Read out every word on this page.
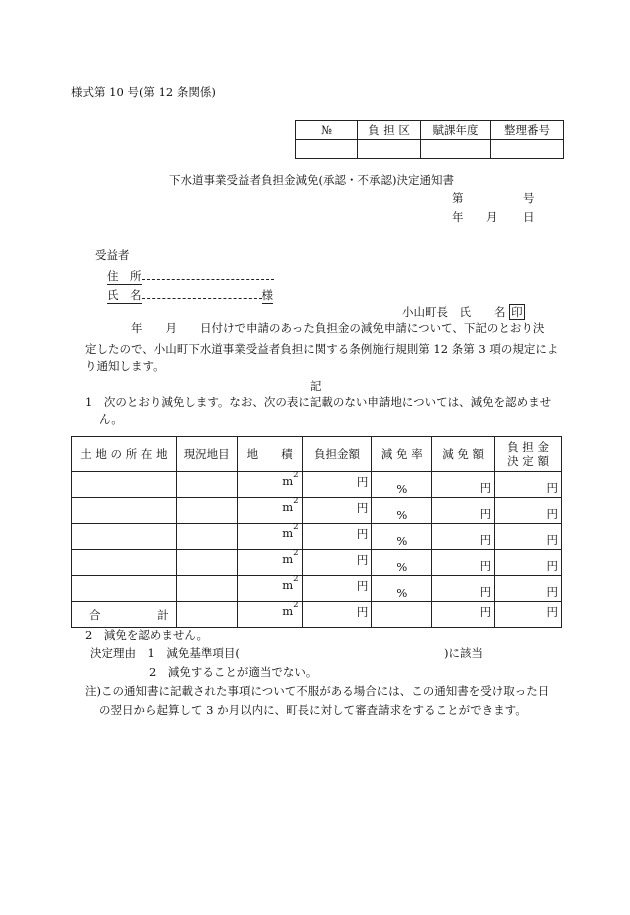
様式第 10 号(第 12 条関係)
№	負 担 区	賦課年度	整理番号

下水道事業受益者負担金減免(承認・不承認)決定通知書
第	号
年 月 日
受益者
住　所
氏　名	様
小山町長　氏　　名 印

年　　月　　日付けで申請のあった負担金の減免申請について、下記のとおり決

定したので、小山町下水道事業受益者負担に関する条例施行規則第 12 条第 3 項の規定によ

り通知します。

記

1　次のとおり減免します。なお、次の表に記載のない申請地については、減免を認めませ

ん。

土 地 の 所 在 地	現況地目	地　　積	負担金額	減 免 率	減 免 額	負 担 金
決 定 額

		$m^2$	円	%	円	円
		$m^2$	円	%	円	円
		$m^2$	円	%	円	円
		$m^2$	円	%	円	円
		$m^2$	円	%	円	円

合 計		$m^2$	円		円	円
2　減免を認めません。
決定理由　1　減免基準項目(	)に該当
2　減免することが適当でない。
注)この通知書に記載された事項について不服がある場合には、この通知書を受け取った日
の翌日から起算して 3 か月以内に、町長に対して審査請求をすることができます。
